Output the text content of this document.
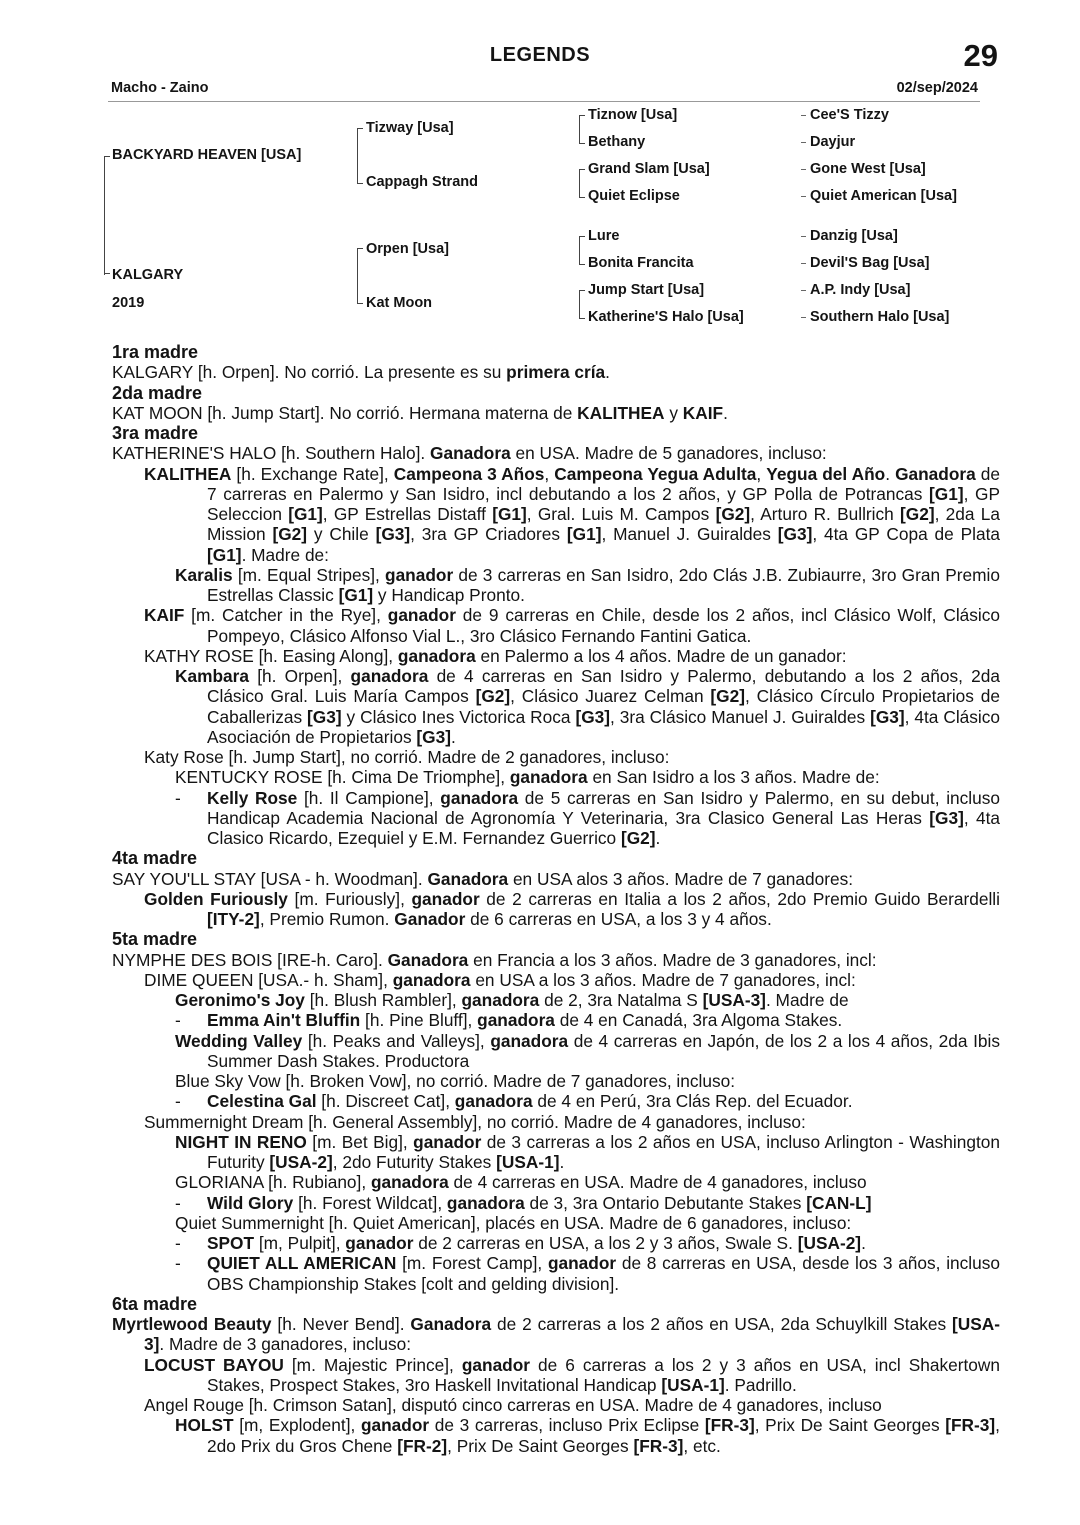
LEGENDS	29
Macho - Zaino	02/sep/2024
BACKYARD HEAVEN [USA]
KALGARY
2019
Tizway [Usa]
Cappagh Strand
Orpen [Usa]
Kat Moon
Tiznow [Usa]
Bethany
Grand Slam [Usa]
Quiet Eclipse
Lure
Bonita Francita
Jump Start [Usa]
Katherine'S Halo [Usa]
Cee'S Tizzy
Dayjur
Gone West [Usa]
Quiet American [Usa]
Danzig [Usa]
Devil'S Bag [Usa]
A.P. Indy [Usa]
Southern Halo [Usa]
1ra madre
KALGARY [h. Orpen]. No corrió. La presente es su primera cría.
2da madre
KAT MOON [h. Jump Start]. No corrió. Hermana materna de KALITHEA y KAIF.
3ra madre
KATHERINE'S HALO [h. Southern Halo]. Ganadora en USA. Madre de 5 ganadores, incluso:
KALITHEA [h. Exchange Rate], Campeona 3 Años, Campeona Yegua Adulta, Yegua del Año. Ganadora de 7 carreras en Palermo y San Isidro, incl debutando a los 2 años, y GP Polla de Potrancas [G1], GP Seleccion [G1], GP Estrellas Distaff [G1], Gral. Luis M. Campos [G2], Arturo R. Bullrich [G2], 2da La Mission [G2] y Chile [G3], 3ra GP Criadores [G1], Manuel J. Guiraldes [G3], 4ta GP Copa de Plata [G1]. Madre de:
Karalis [m. Equal Stripes], ganador de 3 carreras en San Isidro, 2do Clás J.B. Zubiaurre, 3ro Gran Premio Estrellas Classic [G1] y Handicap Pronto.
KAIF [m. Catcher in the Rye], ganador de 9 carreras en Chile, desde los 2 años, incl Clásico Wolf, Clásico Pompeyo, Clásico Alfonso Vial L., 3ro Clásico Fernando Fantini Gatica.
KATHY ROSE [h. Easing Along], ganadora en Palermo a los 4 años. Madre de un ganador:
Kambara [h. Orpen], ganadora de 4 carreras en San Isidro y Palermo, debutando a los 2 años, 2da Clásico Gral. Luis María Campos [G2], Clásico Juarez Celman [G2], Clásico Círculo Propietarios de Caballerizas [G3] y Clásico Ines Victorica Roca [G3], 3ra Clásico Manuel J. Guiraldes [G3], 4ta Clásico Asociación de Propietarios [G3].
Katy Rose [h. Jump Start], no corrió. Madre de 2 ganadores, incluso:
KENTUCKY ROSE [h. Cima De Triomphe], ganadora en San Isidro a los 3 años. Madre de:
- Kelly Rose [h. Il Campione], ganadora de 5 carreras en San Isidro y Palermo, en su debut, incluso Handicap Academia Nacional de Agronomía Y Veterinaria, 3ra Clasico General Las Heras [G3], 4ta Clasico Ricardo, Ezequiel y E.M. Fernandez Guerrico [G2].
4ta madre
SAY YOU'LL STAY [USA - h. Woodman]. Ganadora en USA alos 3 años. Madre de 7 ganadores:
Golden Furiously [m. Furiously], ganador de 2 carreras en Italia a los 2 años, 2do Premio Guido Berardelli [ITY-2], Premio Rumon. Ganador de 6 carreras en USA, a los 3 y 4 años.
5ta madre
NYMPHE DES BOIS [IRE-h. Caro]. Ganadora en Francia a los 3 años. Madre de 3 ganadores, incl:
DIME QUEEN [USA.- h. Sham], ganadora en USA a los 3 años. Madre de 7 ganadores, incl:
Geronimo's Joy [h. Blush Rambler], ganadora de 2, 3ra Natalma S [USA-3]. Madre de
- Emma Ain't Bluffin [h. Pine Bluff], ganadora de 4 en Canadá, 3ra Algoma Stakes.
Wedding Valley [h. Peaks and Valleys], ganadora de 4 carreras en Japón, de los 2 a los 4 años, 2da Ibis Summer Dash Stakes. Productora
Blue Sky Vow [h. Broken Vow], no corrió. Madre de 7 ganadores, incluso:
- Celestina Gal [h. Discreet Cat], ganadora de 4 en Perú, 3ra Clás Rep. del Ecuador.
Summernight Dream [h. General Assembly], no corrió. Madre de 4 ganadores, incluso:
NIGHT IN RENO [m. Bet Big], ganador de 3 carreras a los 2 años en USA, incluso Arlington - Washington Futurity [USA-2], 2do Futurity Stakes [USA-1].
GLORIANA [h. Rubiano], ganadora de 4 carreras en USA. Madre de 4 ganadores, incluso
- Wild Glory [h. Forest Wildcat], ganadora de 3, 3ra Ontario Debutante Stakes [CAN-L]
Quiet Summernight [h. Quiet American], placés en USA. Madre de 6 ganadores, incluso:
- SPOT [m, Pulpit], ganador de 2 carreras en USA, a los 2 y 3 años, Swale S. [USA-2].
- QUIET ALL AMERICAN [m. Forest Camp], ganador de 8 carreras en USA, desde los 3 años, incluso OBS Championship Stakes [colt and gelding division].
6ta madre
Myrtlewood Beauty [h. Never Bend]. Ganadora de 2 carreras a los 2 años en USA, 2da Schuylkill Stakes [USA-3]. Madre de 3 ganadores, incluso:
LOCUST BAYOU [m. Majestic Prince], ganador de 6 carreras a los 2 y 3 años en USA, incl Shakertown Stakes, Prospect Stakes, 3ro Haskell Invitational Handicap [USA-1]. Padrillo.
Angel Rouge [h. Crimson Satan], disputó cinco carreras en USA. Madre de 4 ganadores, incluso
HOLST [m, Explodent], ganador de 3 carreras, incluso Prix Eclipse [FR-3], Prix De Saint Georges [FR-3], 2do Prix du Gros Chene [FR-2], Prix De Saint Georges [FR-3], etc.
